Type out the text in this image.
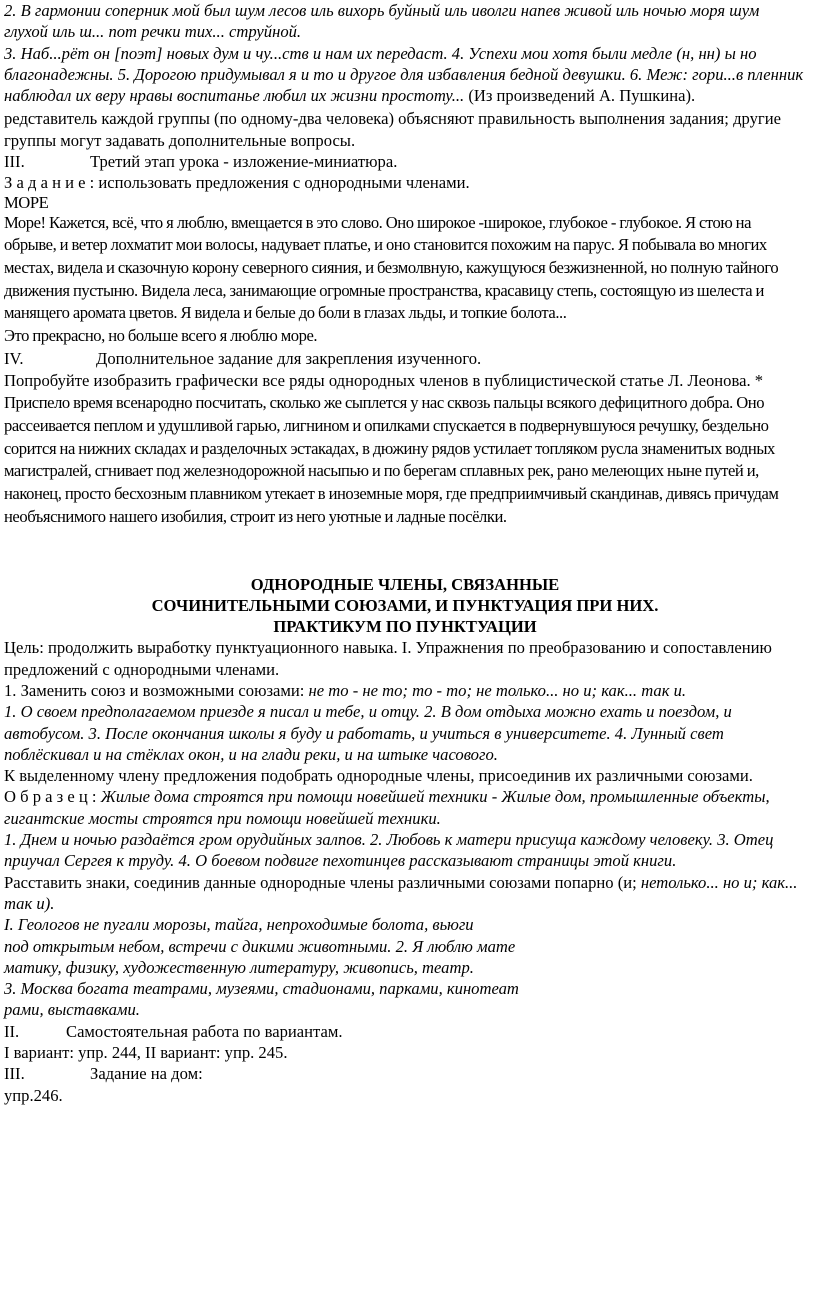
2. В гармонии соперник мой был шум лесов иль вихорь буйный иль иволги напев живой иль ночью моря шум глухой иль ш... пот речки тих... струйной.

3. Наб...рёт он [поэт] новых дум и чу...ств и нам их передаст. 4. Успехи мои хотя были медле (н, нн) ы но благонадежны. 5. Дорогою придумывал я и то и другое для избавления бедной девушки. 6. Меж: гори...в пленник наблюдал их веру нравы воспитанье любил их жизни простоту... (Из произведений А. Пушкина).

редставитель каждой группы (по одному-два человека) объясняют правильность выполнения задания; другие группы могут задавать дополнительные вопросы.

III.	Третий этап урока - изложение-миниатюра.

З а д а н и е : использовать предложения с однородными членами.

МОРЕ

Море! Кажется, всё, что я люблю, вмещается в это слово. Оно широкое -широкое, глубокое - глубокое. Я стою на обрыве, и ветер лохматит мои волосы, надувает платье, и оно становится похожим на парус. Я побывала во многих местах, видела и сказочную корону северного сияния, и безмолвную, кажущуюся безжизненной, но полную тайного движения пустыню. Видела леса, занимающие огромные пространства, красавицу степь, состоящую из шелеста и манящего аромата цветов. Я видела и белые до боли в глазах льды, и топкие болота...

Это прекрасно, но больше всего я люблю море.

IV.	Дополнительное задание для закрепления изученного.

Попробуйте изобразить графически все ряды однородных членов в публицистической статье Л. Леонова. *

Приспело время всенародно посчитать, сколько же сыплется у нас сквозь пальцы всякого дефицитного добра. Оно рассеивается пеплом и удушливой гарью, лигнином и опилками спускается в подвернувшуюся речушку, бездельно сорится на нижних складах и разделочных эстакадах, в дюжину рядов устилает топляком русла знаменитых водных магистралей, сгнивает под железнодорожной насыпью и по берегам сплавных рек, рано мелеющих ныне путей и, наконец, просто бесхозным плавником утекает в иноземные моря, где предприимчивый скандинав, дивясь причудам необъяснимого нашего изобилия, строит из него уютные и ладные посёлки.

ОДНОРОДНЫЕ ЧЛЕНЫ, СВЯЗАННЫЕ

СОЧИНИТЕЛЬНЫМИ СОЮЗАМИ, И ПУНКТУАЦИЯ ПРИ НИХ.

ПРАКТИКУМ ПО ПУНКТУАЦИИ

Цель: продолжить выработку пунктуационного навыка. I. Упражнения по преобразованию и сопоставлению предложений с однородными членами.

1. Заменить союз и возможными союзами: не то - не то; то - то; не только... но и; как... так и.

1. О своем предполагаемом приезде я писал и тебе, и отцу. 2. В дом отдыха можно ехать и поездом, и автобусом. 3. После окончания школы я буду и работать, и учиться в университете. 4. Лунный свет поблёскивал и на стёклах окон, и на глади реки, и на штыке часового.

К выделенному члену предложения подобрать однородные члены, присоединив их различными союзами.

О б р а з е ц : Жилые дома строятся при помощи новейшей техники - Жилые дом, промышленные объекты, гигантские мосты строятся при помощи новейшей техники.

1. Днем и ночью раздаётся гром орудийных залпов. 2. Любовь к матери присуща каждому человеку. 3. Отец приучал Сергея к труду. 4. О боевом подвиге пехотинцев рассказывают страницы этой книги.

Расставить знаки, соединив данные однородные члены различными союзами попарно (и; нетолько... но и; как... так и).

I. Геологов не пугали морозы, тайга, непроходимые болота, вьюги

под открытым небом, встречи с дикими животными. 2. Я люблю мате

матику, физику, художественную литературу, живопись, театр.

3. Москва богата театрами, музеями, стадионами, парками, кинотеат

рами, выставками.

II.	Самостоятельная работа по вариантам.

I вариант: упр. 244, II вариант: упр. 245.

III.	Задание на дом:

упр.246.
